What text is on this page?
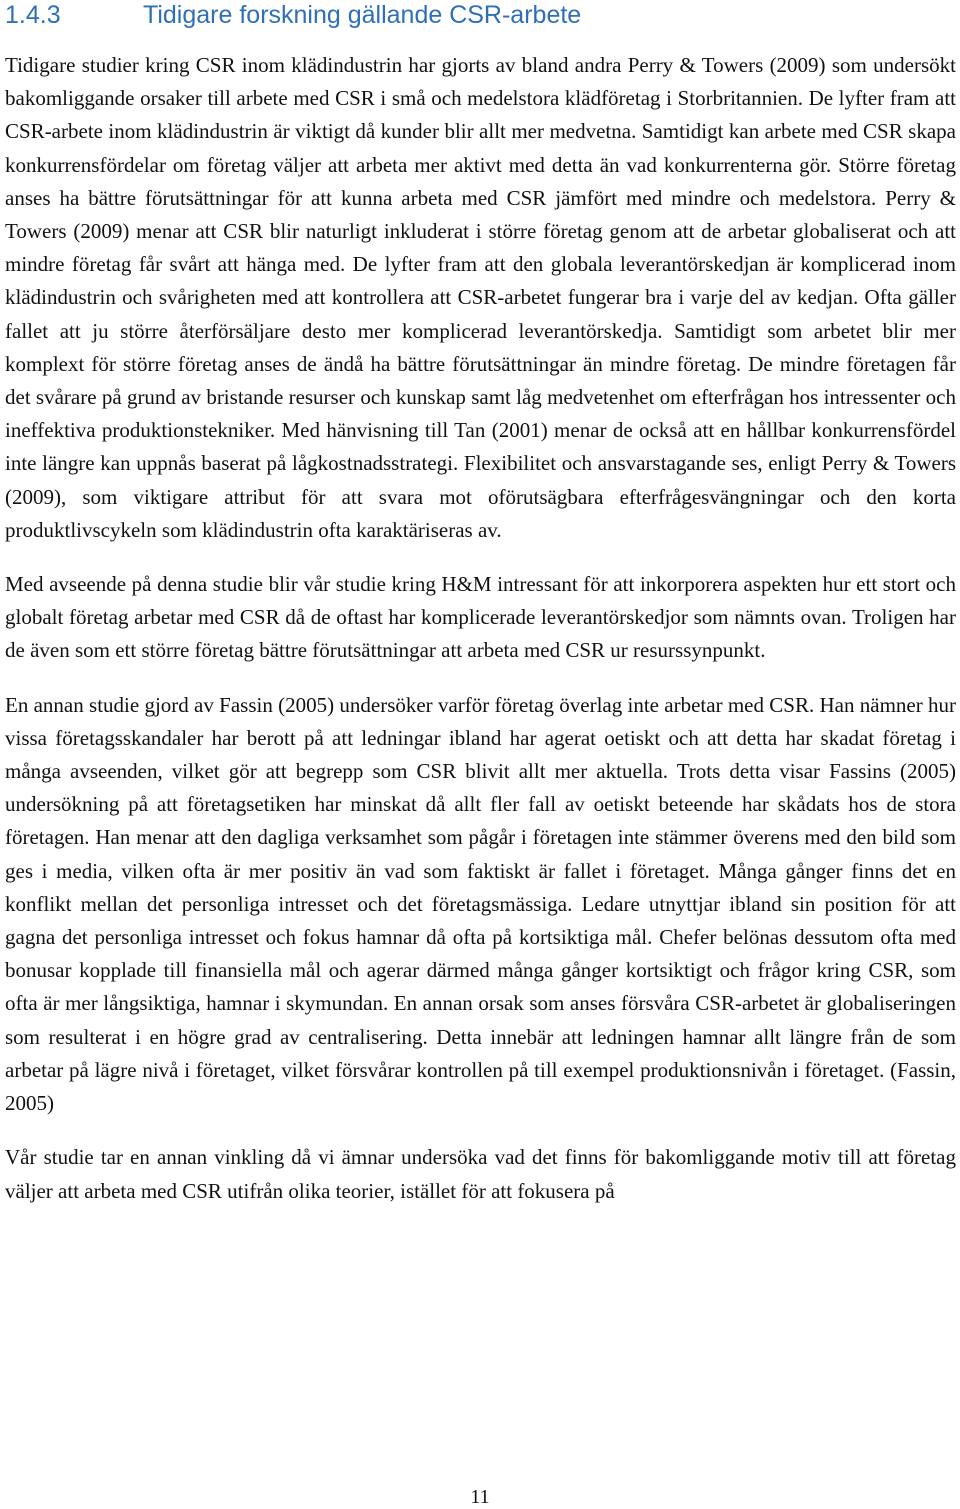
1.4.3	Tidigare forskning gällande CSR-arbete

Tidigare studier kring CSR inom klädindustrin har gjorts av bland andra Perry & Towers (2009) som undersökt bakomliggande orsaker till arbete med CSR i små och medelstora klädföretag i Storbritannien. De lyfter fram att CSR-arbete inom klädindustrin är viktigt då kunder blir allt mer medvetna. Samtidigt kan arbete med CSR skapa konkurrensfördelar om företag väljer att arbeta mer aktivt med detta än vad konkurrenterna gör. Större företag anses ha bättre förutsättningar för att kunna arbeta med CSR jämfört med mindre och medelstora. Perry & Towers (2009) menar att CSR blir naturligt inkluderat i större företag genom att de arbetar globaliserat och att mindre företag får svårt att hänga med. De lyfter fram att den globala leverantörskedjan är komplicerad inom klädindustrin och svårigheten med att kontrollera att CSR-arbetet fungerar bra i varje del av kedjan. Ofta gäller fallet att ju större återförsäljare desto mer komplicerad leverantörskedja. Samtidigt som arbetet blir mer komplext för större företag anses de ändå ha bättre förutsättningar än mindre företag. De mindre företagen får det svårare på grund av bristande resurser och kunskap samt låg medvetenhet om efterfrågan hos intressenter och ineffektiva produktionstekniker. Med hänvisning till Tan (2001) menar de också att en hållbar konkurrensfördel inte längre kan uppnås baserat på lågkostnadsstrategi. Flexibilitet och ansvarstagande ses, enligt Perry & Towers (2009), som viktigare attribut för att svara mot oförutsägbara efterfrågesvängningar och den korta produktlivscykeln som klädindustrin ofta karaktäriseras av.

Med avseende på denna studie blir vår studie kring H&M intressant för att inkorporera aspekten hur ett stort och globalt företag arbetar med CSR då de oftast har komplicerade leverantörskedjor som nämnts ovan. Troligen har de även som ett större företag bättre förutsättningar att arbeta med CSR ur resurssynpunkt.

En annan studie gjord av Fassin (2005) undersöker varför företag överlag inte arbetar med CSR. Han nämner hur vissa företagsskandaler har berott på att ledningar ibland har agerat oetiskt och att detta har skadat företag i många avseenden, vilket gör att begrepp som CSR blivit allt mer aktuella. Trots detta visar Fassins (2005) undersökning på att företagsetiken har minskat då allt fler fall av oetiskt beteende har skådats hos de stora företagen. Han menar att den dagliga verksamhet som pågår i företagen inte stämmer överens med den bild som ges i media, vilken ofta är mer positiv än vad som faktiskt är fallet i företaget. Många gånger finns det en konflikt mellan det personliga intresset och det företagsmässiga. Ledare utnyttjar ibland sin position för att gagna det personliga intresset och fokus hamnar då ofta på kortsiktiga mål. Chefer belönas dessutom ofta med bonusar kopplade till finansiella mål och agerar därmed många gånger kortsiktigt och frågor kring CSR, som ofta är mer långsiktiga, hamnar i skymundan. En annan orsak som anses försvåra CSR-arbetet är globaliseringen som resulterat i en högre grad av centralisering. Detta innebär att ledningen hamnar allt längre från de som arbetar på lägre nivå i företaget, vilket försvårar kontrollen på till exempel produktionsnivån i företaget. (Fassin, 2005)

Vår studie tar en annan vinkling då vi ämnar undersöka vad det finns för bakomliggande motiv till att företag väljer att arbeta med CSR utifrån olika teorier, istället för att fokusera på

11
